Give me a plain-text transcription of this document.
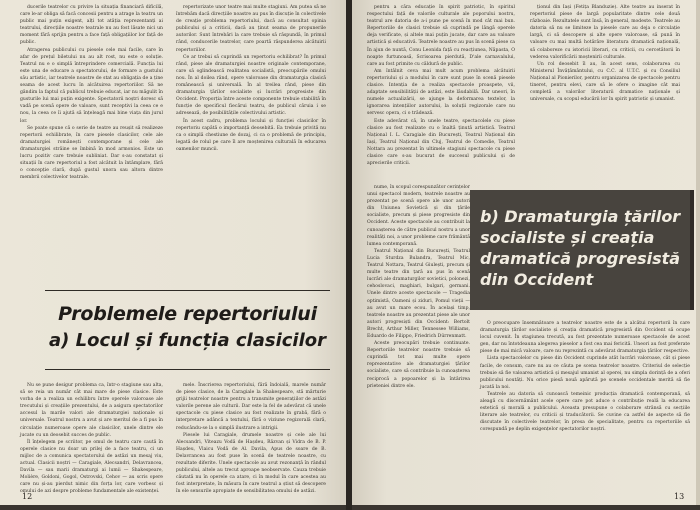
ducerile teatrelor cu privire la situația financiară dificilă, care le-ar obliga să facă concesii pentru a atrage la teatru un public mai puțin exigent, alți tot atâția reprezentanți ai teatrului, direcțiile noastre teatrale nu au fost lăsate nici un moment fără sprijin pentru a face față obligațiilor lor față de public.

Atragerea publicului cu piesele cele mai facile, care în afar de prețul biletului nu au alt rost, nu este o soluție. Teatrul nu e o simplă întreprindere comercială. Funcția lui este una de educare a spectatorului, de formare a gustului său artistic, iar teatrele noastre de stat au obligația de a ține seama de acest lucru în alcătuirea repertoriilor. Să ne gândim la faptul că publicul trebuie educat, iar nu măgulit în gusturile lui mai puțin exigente. Spectatorii noștri doresc să vadă pe scenă opere de valoare, sunt receptivi la ceea ce e nou, la ceea ce îi ajută să înțeleagă mai bine viața din jurul lor.

Se poate spune că o serie de teatre au reușit să realizeze repertorii echilibrate, în care piesele clasicilor, cele ale dramaturgiei românești contemporane și cele ale dramaturgiei străine se îmbină în mod armonios. Este un lucru pozitiv care trebuie subliniat. Dar s-au constatat și situații în care repertoriul a fost alcătuit la întâmplare, fără o concepție clară, după gustul unora sau altora dintre membrii colectivelor teatrale.

repertorizate unor teatre mai multe stagiuni. Am putea să ne întrebăm dacă direcțiile noastre au pus în discuție în colectivele de creație problema repertoriului, dacă au consultat opinia publicului și a criticii, dacă au ținut seama de propunerile autorilor. Sunt întrebări la care trebuie să răspundă, în primul rând, conducerile teatrelor, care poartă răspunderea alcătuirii repertoriilor.

Ce ar trebui să cuprindă un repertoriu echilibrat? În primul rând, piese ale dramaturgiei noastre originale contemporane, care să oglindească realitatea socialistă, preocupările omului nou. În al doilea rând, opere valoroase din dramaturgia clasică românească și universală. În al treilea rând, piese din dramaturgia țărilor socialiste și lucrări progresiste din Occident. Proporția între aceste componente trebuie stabilită în funcție de specificul fiecărui teatru, de publicul căruia i se adresează, de posibilitățile colectivului artistic.

În acest cadru, problema locului și funcției clasicilor în repertoriu capătă o importanță deosebită. Ea trebuie privită nu ca o simplă chestiune de dozaj, ci ca o problemă de principiu, legată de rolul pe care îl are moștenirea culturală în educarea oamenilor muncii.

Problemele repertoriului
a) Locul și funcția clasicilor

Nu se pune desigur problema ca, într-o stagiune sau alta, să se reia un număr cât mai mare de piese clasice. Este vorba de a realiza un echilibru între operele valoroase ale trecutului și creațiile prezentului, de a asigura spectatorilor accesul la marile valori ale dramaturgiei naționale și universale. Teatrul nostru a avut și are meritul de a fi pus în circulație numeroase opere ale clasicilor, unele dintre ele jucate cu un deosebit succes de public.

Îl înțelegem pe scriitor, pe omul de teatru care caută în operele clasice nu doar un prilej de a face teatru, ci un mijloc de a comunica spectatorului de astăzi un mesaj viu, actual. Clasicii noștri — Caragiale, Alecsandri, Delavrancea, Davila — sau marii dramaturgi ai lumii — Shakespeare, Molière, Goldoni, Gogol, Ostrovski, Cehov — au scris opere care nu și-au pierdut nimic din forța lor, care vorbesc și omului de azi despre probleme fundamentale ale existenței.

mele. Înscrierea repertoriului, fără îndoială, marele număr de piese clasice, de la Caragiale la Shakespeare, stă mărturie grijii teatrelor noastre pentru a transmite generațiilor de astăzi valorile perene ale culturii. Dar este la fel de adevărat că unele spectacole cu piese clasice au fost realizate în grabă, fără o interpretare adâncă a textului, fără o viziune regizorală clară, reducându-se la o simplă ilustrare a intrigii.

Piesele lui Caragiale, drumele noastre și cele ale lui Alecsandri, Viteazu Vodă de Hașdeu, Răzvan și Vidra de B. P. Hașdeu, Vlaicu Vodă de Al. Davila, Apus de soare de B. Delavrancea au fost puse în scenă de teatrele noastre, cu rezultate diferite. Unele spectacole au avut rezonanță în rândul publicului, altele au trecut aproape neobservate. Cauza trebuie căutată nu în operele ca atare, ci în modul în care acestea au fost interpretate, în măsura în care teatrul a știut să descopere în ele sensurile apropiate de sensibilitatea omului de astăzi.

12

pentru a căra educație în spirit patriotic, în spiritul respectului față de valorile culturale ale poporului nostru, teatrul are datoria de a-i pune pe scenă în mod cât mai bun. Repertoriile de clasici trebuie să cuprindă pe lângă operele deja verificate, și altele mai puțin jucate, dar care au valoare artistică și educativă. Teatrele noastre au pus în scenă piese ca În ajun de nuntă, Conu Leonida față cu reacțiunea, Năpasta, O noapte furtunoasă, Scrisoarea pierdută, D'ale carnavalului, care au fost primite cu căldură de public.

Am întâlnit ceva mai mult acum problema alcătuirii repertoriului și a modului în care sunt puse în scenă piesele clasice. Intenția de a realiza spectacole proaspete, vii, adaptate sensibilității de astăzi, este lăudabilă. Dar uneori, în numele actualizării, se ajunge la deformarea textelor, la ignorarea intențiilor autorului, la soluții regizorale care nu servesc opera, ci o trădează.

Este adevărat că, în unele teatre, spectacolele cu piese clasice au fost realizate cu o înaltă ținută artistică. Teatrul Național I. L. Caragiale din București, Teatrul Național din Iași, Teatrul Național din Cluj, Teatrul de Comedie, Teatrul Nottara au prezentat în ultimele stagiuni spectacole cu piese clasice care s-au bucurat de succesul publicului și de aprecierile criticii.

ționul din Iași (Fetița Blanduzie). Alte teatre au inserat în repertoriul piese de largă popularitate dintre cele două războaie. Rezultatele sunt însă, în general, modeste. Teatrele au datoria să nu se limiteze la piesele care au deja o circulație largă, ci să descopere și alte opere valoroase, să pună în valoare cu mai multă hotărâre literatura dramatică națională, să colaboreze cu istoricii literari, cu criticii, cu cercetătorii în vederea valorificării moștenirii culturale.

Un rol deosebit îl au, în acest sens, colaborarea cu Ministerul Învățământului, cu C.C. al U.T.C. și cu Consiliul Național al Pionierilor, pentru organizarea de spectacole pentru tineret, pentru elevi, care să le ofere o imagine cât mai completă a valorilor literaturii dramatice naționale și universale, cu scopul educării lor în spirit patriotic și umanist.

nume, în scopul corespunzător cerințelor unui spectacol modern, teatrele noastre au prezentat pe scenă opere ale unor autori din Uniunea Sovietică și din țările socialiste, precum și piese progresiste din Occident. Aceste spectacole au contribuit la cunoașterea de către publicul nostru a unor realități noi, a unor probleme care frământă lumea contemporană.

Teatrul Național din București, Teatrul Lucia Sturdza Bulandra, Teatrul Mic, Teatrul Nottara, Teatrul Giulești, precum și multe teatre din țară au pus în scenă lucrări ale dramaturgilor sovietici, polonezi, cehoslovaci, maghiari, bulgari, germani. Unele dintre aceste spectacole — Tragedia optimistă, Oameni și ziduri, Pomul vieții — au avut un mare ecou. În același timp, teatrele noastre au prezentat piese ale unor autori progresiști din Occident: Bertolt Brecht, Arthur Miller, Tennessee Williams, Eduardo de Filippo, Friedrich Dürrenmatt.

Aceste preocupări trebuie continuate. Repertoriile teatrelor noastre trebuie să cuprindă tot mai multe opere reprezentative ale dramaturgiei țărilor socialiste, care să contribuie la cunoașterea reciprocă a popoarelor și la întărirea prieteniei dintre ele.

O preocupare însemnătoare a teatrelor noastre este de a alcătui repertorii în care dramaturgia țărilor socialiste și creația dramatică progresistă din Occident să ocupe locul cuvenit. În stagiunea trecută, au fost prezentate numeroase spectacole de acest gen, dar nu întotdeauna alegerea pieselor a fost cea mai fericită. Uneori au fost preferate piese de mai mică valoare, care nu reprezintă cu adevărat dramaturgia țărilor respective.

Lista spectacolelor cu piese din Occident cuprinde atât lucrări valoroase, cât și piese facile, de consum, care nu au ce căuta pe scena teatrelor noastre. Criteriul de selecție trebuie să fie valoarea artistică și mesajul umanist al operei, nu simpla dorință de a oferi publicului noutăți. Nu orice piesă nouă apărută pe scenele occidentale merită să fie jucată la noi.

Teatrele au datoria să cunoască temeinic producția dramatică contemporană, să aleagă cu discernământ acele opere care pot aduce o contribuție reală la educarea estetică și morală a publicului. Aceasta presupune o colaborare strânsă cu secțiile literare ale teatrelor, cu criticii și traducătorii. Se cuvine ca astfel de aspecte să fie discutate în colectivele teatrelor, în presa de specialitate, pentru ca repertoriile să corespundă pe deplin exigențelor spectatorilor noștri.

13
b) Dramaturgia țărilor socialiste și creația dramatică progresistă din Occident
